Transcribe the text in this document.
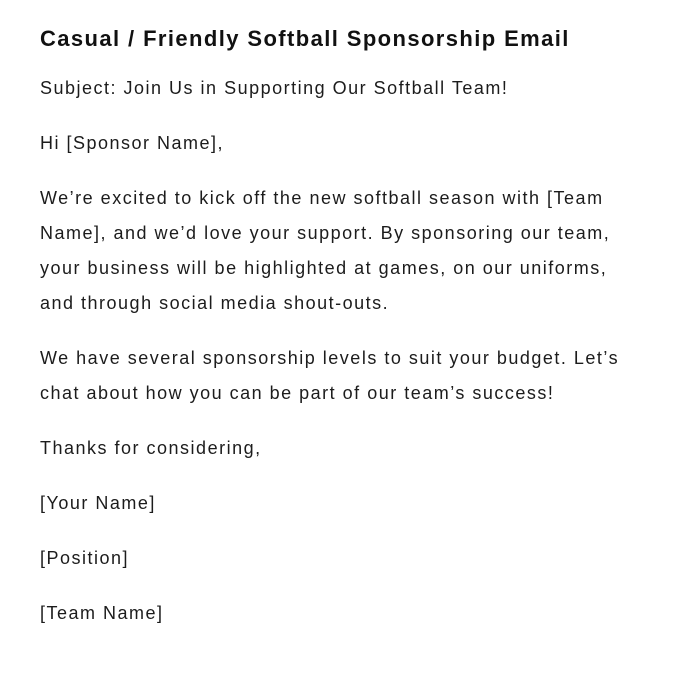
Casual / Friendly Softball Sponsorship Email

Subject: Join Us in Supporting Our Softball Team!

Hi [Sponsor Name],

We’re excited to kick off the new softball season with [Team Name], and we’d love your support. By sponsoring our team, your business will be highlighted at games, on our uniforms, and through social media shout-outs.

We have several sponsorship levels to suit your budget. Let’s chat about how you can be part of our team’s success!

Thanks for considering,

[Your Name]

[Position]

[Team Name]
